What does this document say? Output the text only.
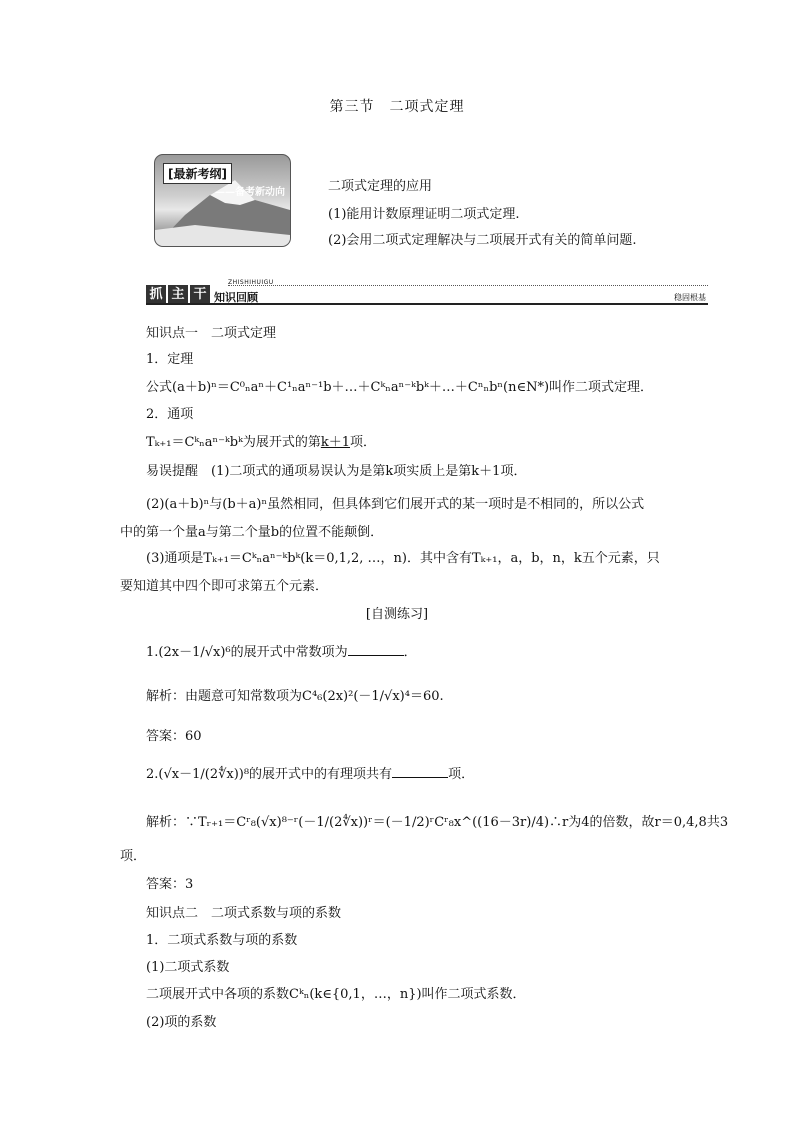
第三节　二项式定理
[最新考纲]
——备考新动向	二项式定理的应用
(1)能用计数原理证明二项式定理.
(2)会用二项式定理解决与二项展开式有关的简单问题.
抓 主 干
ZHISHIHUIGU
知识回顾	稳固根基
知识点一　二项式定理
1．定理
公式(a＋b)ⁿ＝C⁰ₙaⁿ＋C¹ₙaⁿ⁻¹b＋…＋Cᵏₙaⁿ⁻ᵏbᵏ＋…＋Cⁿₙbⁿ(n∈N*)叫作二项式定理．
2．通项
Tₖ₊₁＝Cᵏₙaⁿ⁻ᵏbᵏ为展开式的第k＋1项．
易误提醒　(1)二项式的通项易误认为是第k项实质上是第k＋1项．
(2)(a＋b)ⁿ与(b＋a)ⁿ虽然相同，但具体到它们展开式的某一项时是不相同的，所以公式
中的第一个量a与第二个量b的位置不能颠倒．
(3)通项是Tₖ₊₁＝Cᵏₙaⁿ⁻ᵏbᵏ(k＝0,1,2, …，n)．其中含有Tₖ₊₁，a，b，n，k五个元素，只
要知道其中四个即可求第五个元素．
[自测练习]
1.(2x－1/√x)⁶的展开式中常数项为	．
解析：由题意可知常数项为C⁴₆(2x)²(－1/√x)⁴＝60.
答案：60
2.(√x－1/(2∜x))⁸的展开式中的有理项共有	项．
解析：∵Tᵣ₊₁＝Cʳ₈(√x)⁸⁻ʳ(－1/(2∜x))ʳ＝(－1/2)ʳCʳ₈x^((16－3r)/4)∴r为4的倍数，故r＝0,4,8共3
项．
答案：3
知识点二　二项式系数与项的系数
1．二项式系数与项的系数
(1)二项式系数
二项展开式中各项的系数Cᵏₙ(k∈{0,1，…，n})叫作二项式系数．
(2)项的系数
